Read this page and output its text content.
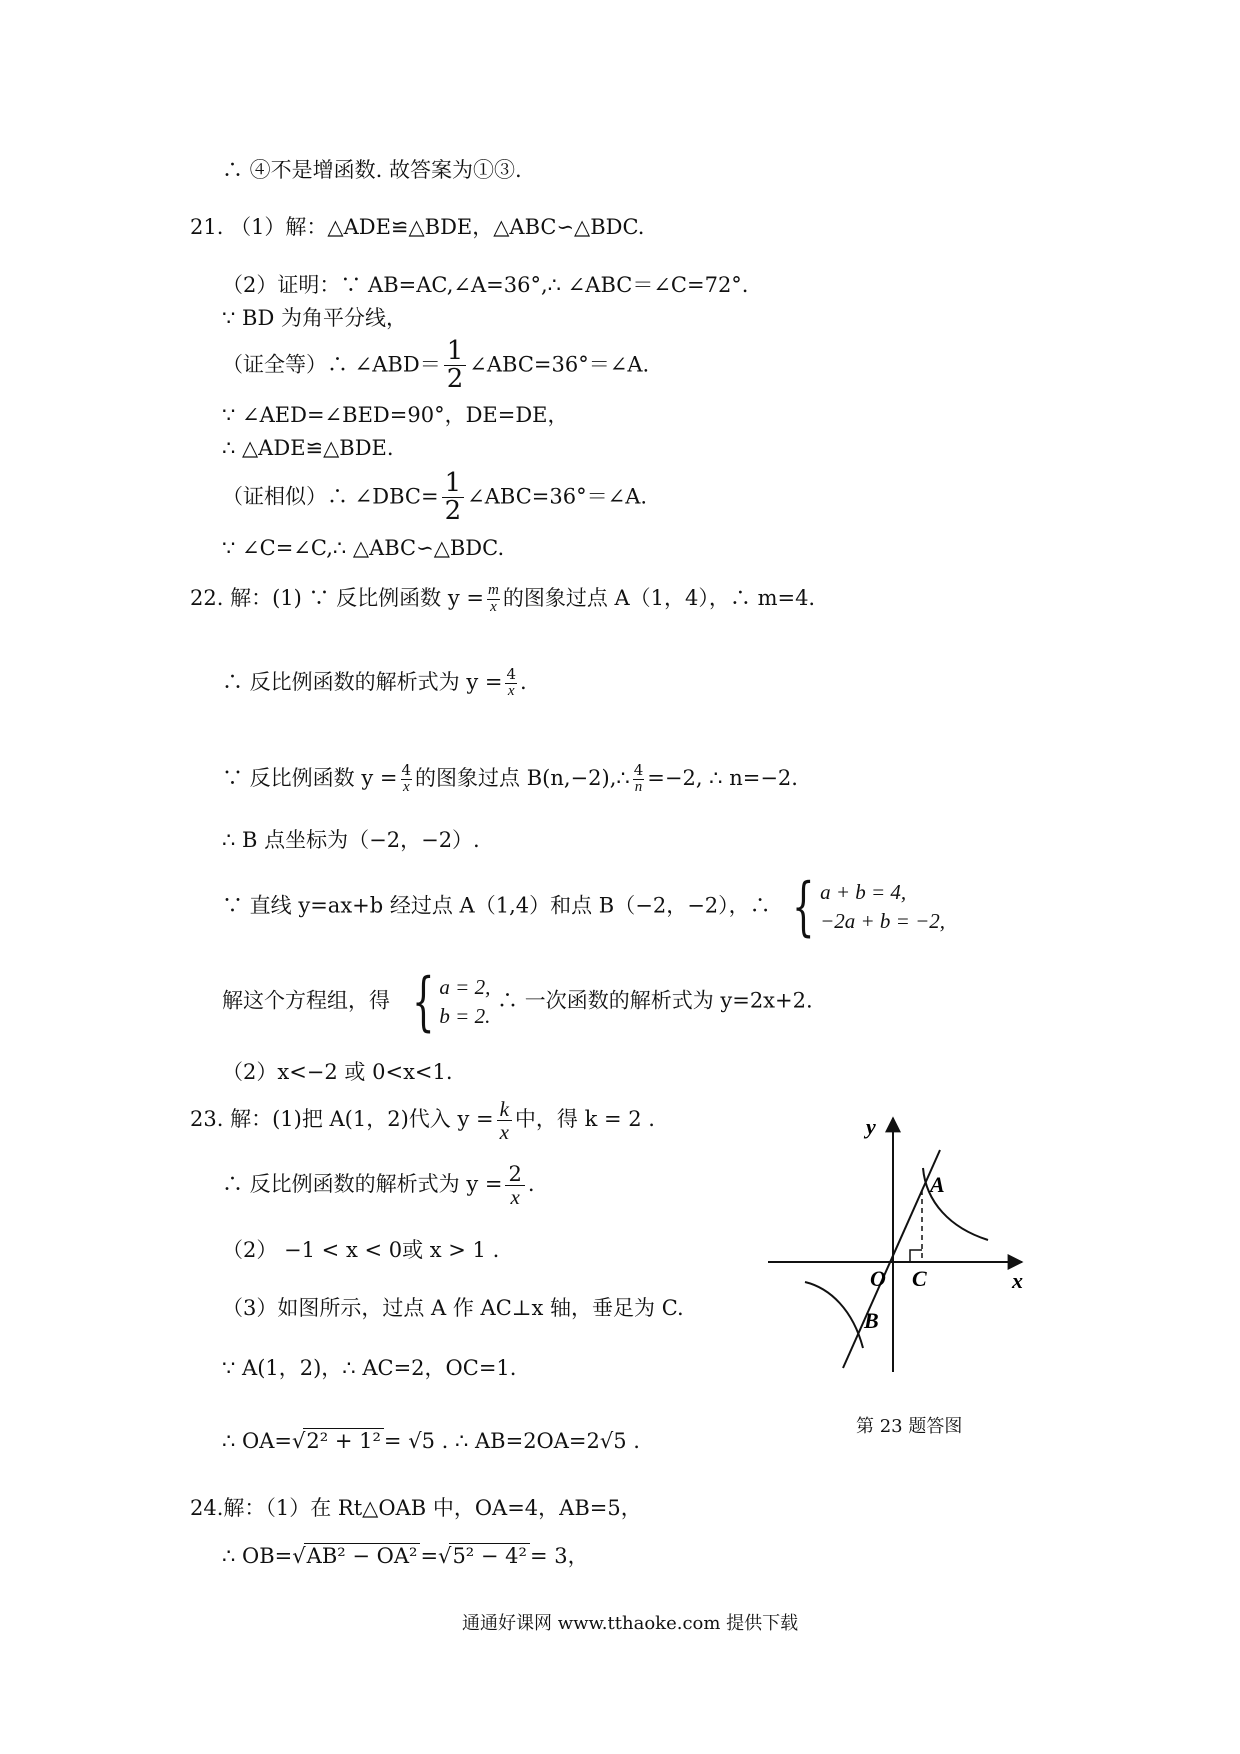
∴ ④不是增函数. 故答案为①③.
21. （1）解：△ADE≌△BDE，△ABC∽△BDC.
（2）证明：∵ AB=AC,∠A=36°,∴ ∠ABC＝∠C=72°.
∵ BD 为角平分线，
（证全等）∴ ∠ABD＝ $\frac{1}{2}$ ∠ABC=36°＝∠A.
∵ ∠AED=∠BED=90°，DE=DE，
∴ △ADE≌△BDE.
（证相似）∴ ∠DBC= $\frac{1}{2}$ ∠ABC=36°＝∠A.
∵ ∠C=∠C,∴ △ABC∽△BDC.
22. 解：(1) ∵ 反比例函数 $y = \frac{m}{x}$ 的图象过点 A（1，4），∴ m=4.
∴ 反比例函数的解析式为 $y = \frac{4}{x}$ .
∵ 反比例函数 $y = \frac{4}{x}$ 的图象过点 B(n,−2),∴ $\frac{4}{n} =-2$, ∴ n=−2.
∴ B 点坐标为（−2，−2）.
∵ 直线 y=ax+b 经过点 A（1,4）和点 B（−2，−2），∴ { a + b = 4,
−2a + b = −2,
解这个方程组，得 { a = 2,
b = 2.
∴ 一次函数的解析式为 y=2x+2.
（2）x<−2 或 0<x<1.
23. 解：(1)把 A(1，2)代入 $y = \frac{k}{x}$ 中，得 k = 2 .
∴ 反比例函数的解析式为 $y = \frac{2}{x}$ .
（2） −1 < x < 0或 x > 1 .
（3）如图所示，过点 A 作 AC⊥x 轴，垂足为 C.
∵ A(1，2)，∴ AC=2，OC=1.
∴ OA=√2² + 1² = √5 . ∴ AB=2OA=2√5 .
24.解：（1）在 Rt△OAB 中，OA=4，AB=5，
∴ OB=√AB² − OA² =√5² − 4² = 3，
y
x
O C
A
B
第 23 题答图
通通好课网 www.tthaoke.com 提供下载
